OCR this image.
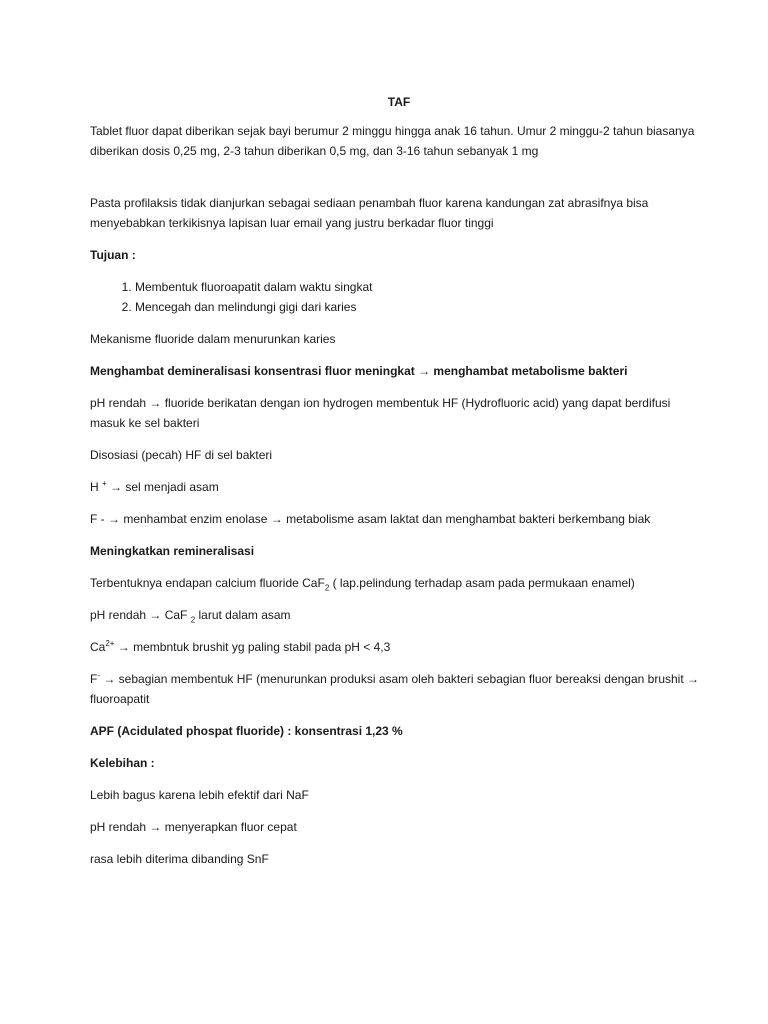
TAF

Tablet fluor dapat diberikan sejak bayi berumur 2 minggu hingga anak 16 tahun. Umur 2 minggu-2 tahun biasanya diberikan dosis 0,25 mg, 2-3 tahun diberikan 0,5 mg, dan 3-16 tahun sebanyak 1 mg

Pasta profilaksis tidak dianjurkan sebagai sediaan penambah fluor karena kandungan zat abrasifnya bisa menyebabkan terkikisnya lapisan luar email yang justru berkadar fluor tinggi

Tujuan :

1. Membentuk fluoroapatit dalam waktu singkat
2. Mencegah dan melindungi gigi dari karies

Mekanisme fluoride dalam menurunkan karies

Menghambat demineralisasi konsentrasi fluor meningkat → menghambat metabolisme bakteri

pH rendah → fluoride berikatan dengan ion hydrogen membentuk HF (Hydrofluoric acid) yang dapat berdifusi masuk ke sel bakteri

Disosiasi (pecah) HF di sel bakteri

H + → sel menjadi asam

F - → menhambat enzim enolase → metabolisme asam laktat dan menghambat bakteri berkembang biak

Meningkatkan remineralisasi

Terbentuknya endapan calcium fluoride CaF$_2$ ( lap.pelindung terhadap asam pada permukaan enamel)

pH rendah → CaF $_2$ larut dalam asam

$Ca^{2+}$ → membntuk brushit yg paling stabil pada pH < 4,3

F- → sebagian membentuk HF (menurunkan produksi asam oleh bakteri sebagian fluor bereaksi dengan brushit → fluoroapatit

APF (Acidulated phospat fluoride) : konsentrasi 1,23 %

Kelebihan :

Lebih bagus karena lebih efektif dari NaF

pH rendah → menyerapkan fluor cepat

rasa lebih diterima dibanding SnF
